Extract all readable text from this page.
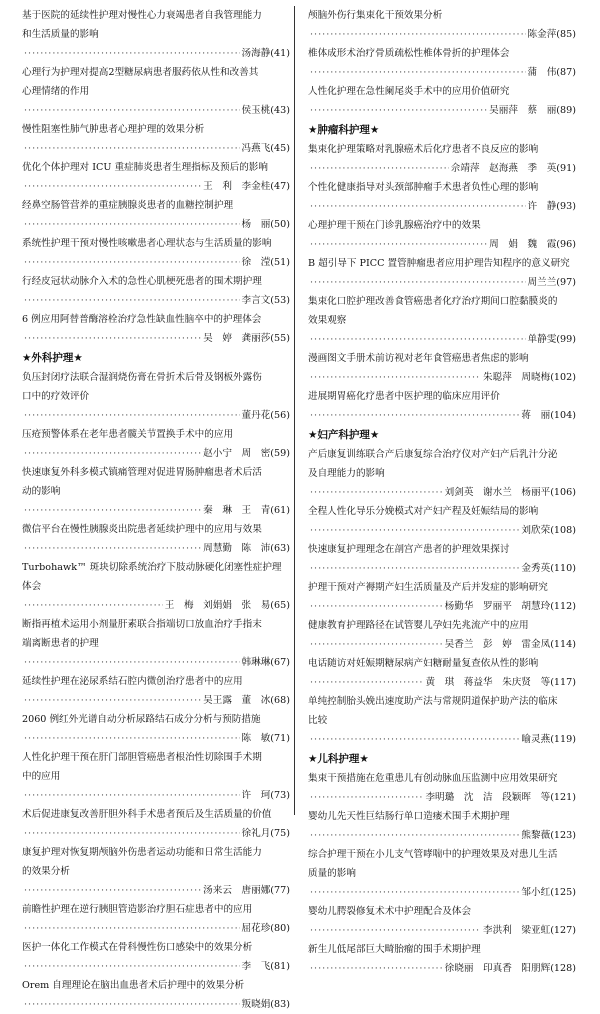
基于医院的延续性护理对慢性心力衰竭患者自我管理能力
和生活质量的影响
·····
汤海静 (41)
心理行为护理对提高2型糖尿病患者服药依从性和改善其
心理情绪的作用
·····
侯玉桃 (43)
慢性阻塞性肺气肿患者心理护理的效果分析
·····
冯燕飞 (45)
优化个体护理对 ICU 重症肺炎患者生理指标及预后的影响
·····
王　利　李金桂 (47)
经鼻空肠管营养的重症胰腺炎患者的血糖控制护理
·····
杨　丽 (50)
系统性护理干预对慢性咳嗽患者心理状态与生活质量的影响
·····
徐　滢 (51)
行经皮冠状动脉介入术的急性心肌梗死患者的围术期护理
·····
李言文 (53)
6 例应用阿替普酶溶栓治疗急性缺血性脑卒中的护理体会
·····
吴　婷　龚丽莎 (55)
★外科护理★
负压封闭疗法联合湿润烧伤膏在骨折术后骨及钢板外露伤
口中的疗效评价
·····
董丹花 (56)
压疮预警体系在老年患者髋关节置换手术中的应用
·····
赵小宁　周　密 (59)
快速康复外科多模式镇痛管理对促进胃肠肿瘤患者术后活
动的影响
·····
秦　琳　王　青 (61)
微信平台在慢性胰腺炎出院患者延续护理中的应用与效果
·····
周慧勤　陈　沛 (63)
Turbohawk™ 斑块切除系统治疗下肢动脉硬化闭塞性症护理
体会
·····
王　梅　刘娟娟　张　易 (65)
断指再植术运用小剂量肝素联合指端切口放血治疗手指末
端离断患者的护理
·····
韩琳琳 (67)
延续性护理在泌尿系结石腔内微创治疗患者中的应用
·····
吴王露　董　冰 (68)
2060 例红外光谱自动分析尿路结石成分分析与预防措施
·····
陈　敏 (71)
人性化护理干预在肝门部胆管癌患者根治性切除围手术期
中的应用
·····
许　珂 (73)
术后促进康复改善肝胆外科手术患者预后及生活质量的价值
·····
徐礼月 (75)
康复护理对恢复期颅脑外伤患者运动功能和日常生活能力
的效果分析
·····
汤来云　唐丽娜 (77)
前瞻性护理在逆行胰胆管造影治疗胆石症患者中的应用
·····
屈花珍 (80)
医护一体化工作模式在骨科慢性伤口感染中的效果分析
·····
李　飞 (81)
Orem 自理理论在脑出血患者术后护理中的效果分析
·····
叛晓娟 (83)
颅脑外伤行集束化干预效果分析
·····
陈金萍 (85)
椎体成形术治疗骨质疏松性椎体骨折的护理体会
·····
蒲　伟 (87)
人性化护理在急性阑尾炎手术中的应用价值研究
·····
吴丽萍　蔡　丽 (89)
★肿瘤科护理★
集束化护理策略对乳腺癌术后化疗患者不良反应的影响
·····
佘靖萍　赵海燕　季　英 (91)
个性化健康指导对头颈部肿瘤手术患者负性心理的影响
·····
许　静 (93)
心理护理干预在门诊乳腺癌治疗中的效果
·····
周　娟　魏　霞 (96)
B 超引导下 PICC 置管肿瘤患者应用护理告知程序的意义研究
·····
周兰兰 (97)
集束化口腔护理改善食管癌患者化疗治疗期间口腔黏膜炎的
效果观察
·····
单静雯 (99)
漫画图文手册术前访视对老年食管癌患者焦虑的影响
·····
朱聪萍　周晓梅 (102)
进展期胃癌化疗患者中医护理的临床应用评价
·····
蒋　丽 (104)
★妇产科护理★
产后康复训练联合产后康复综合治疗仪对产妇产后乳汁分泌
及自理能力的影响
·····
刘剑英　谢水兰　杨丽平 (106)
全程人性化导乐分娩模式对产妇产程及妊娠结局的影响
·····
刘欣荣 (108)
快速康复护理理念在剖宫产患者的护理效果探讨
·····
金秀英 (110)
护理干预对产褥期产妇生活质量及产后并发症的影响研究
·····
杨勤华　罗丽平　胡慧玲 (112)
健康教育护理路径在试管婴儿孕妇先兆流产中的应用
·····
吴香兰　彭　婷　雷金凤 (114)
电话随访对妊娠期糖尿病产妇糖耐量复查依从性的影响
·····
黄　琪　蒋益华　朱庆贤　等 (117)
单纯控制胎头娩出速度助产法与常规阴道保护助产法的临床
比较
·····
喻灵燕 (119)
★儿科护理★
集束干预措施在危重患儿有创动脉血压监测中应用效果研究
·····
李明璐　沈　洁　段颖晖　等 (121)
婴幼儿先天性巨结肠行单口造瘘术围手术期护理
·····
熊黎薇 (123)
综合护理干预在小儿支气管哮喘中的护理效果及对患儿生活
质量的影响
·····
邹小红 (125)
婴幼儿腭裂修复术术中护理配合及体会
·····
李洪利　梁亚虹 (127)
新生儿低尾部巨大畸胎瘤的围手术期护理
·····
徐晓丽　印真香　阳朋辉 (128)
